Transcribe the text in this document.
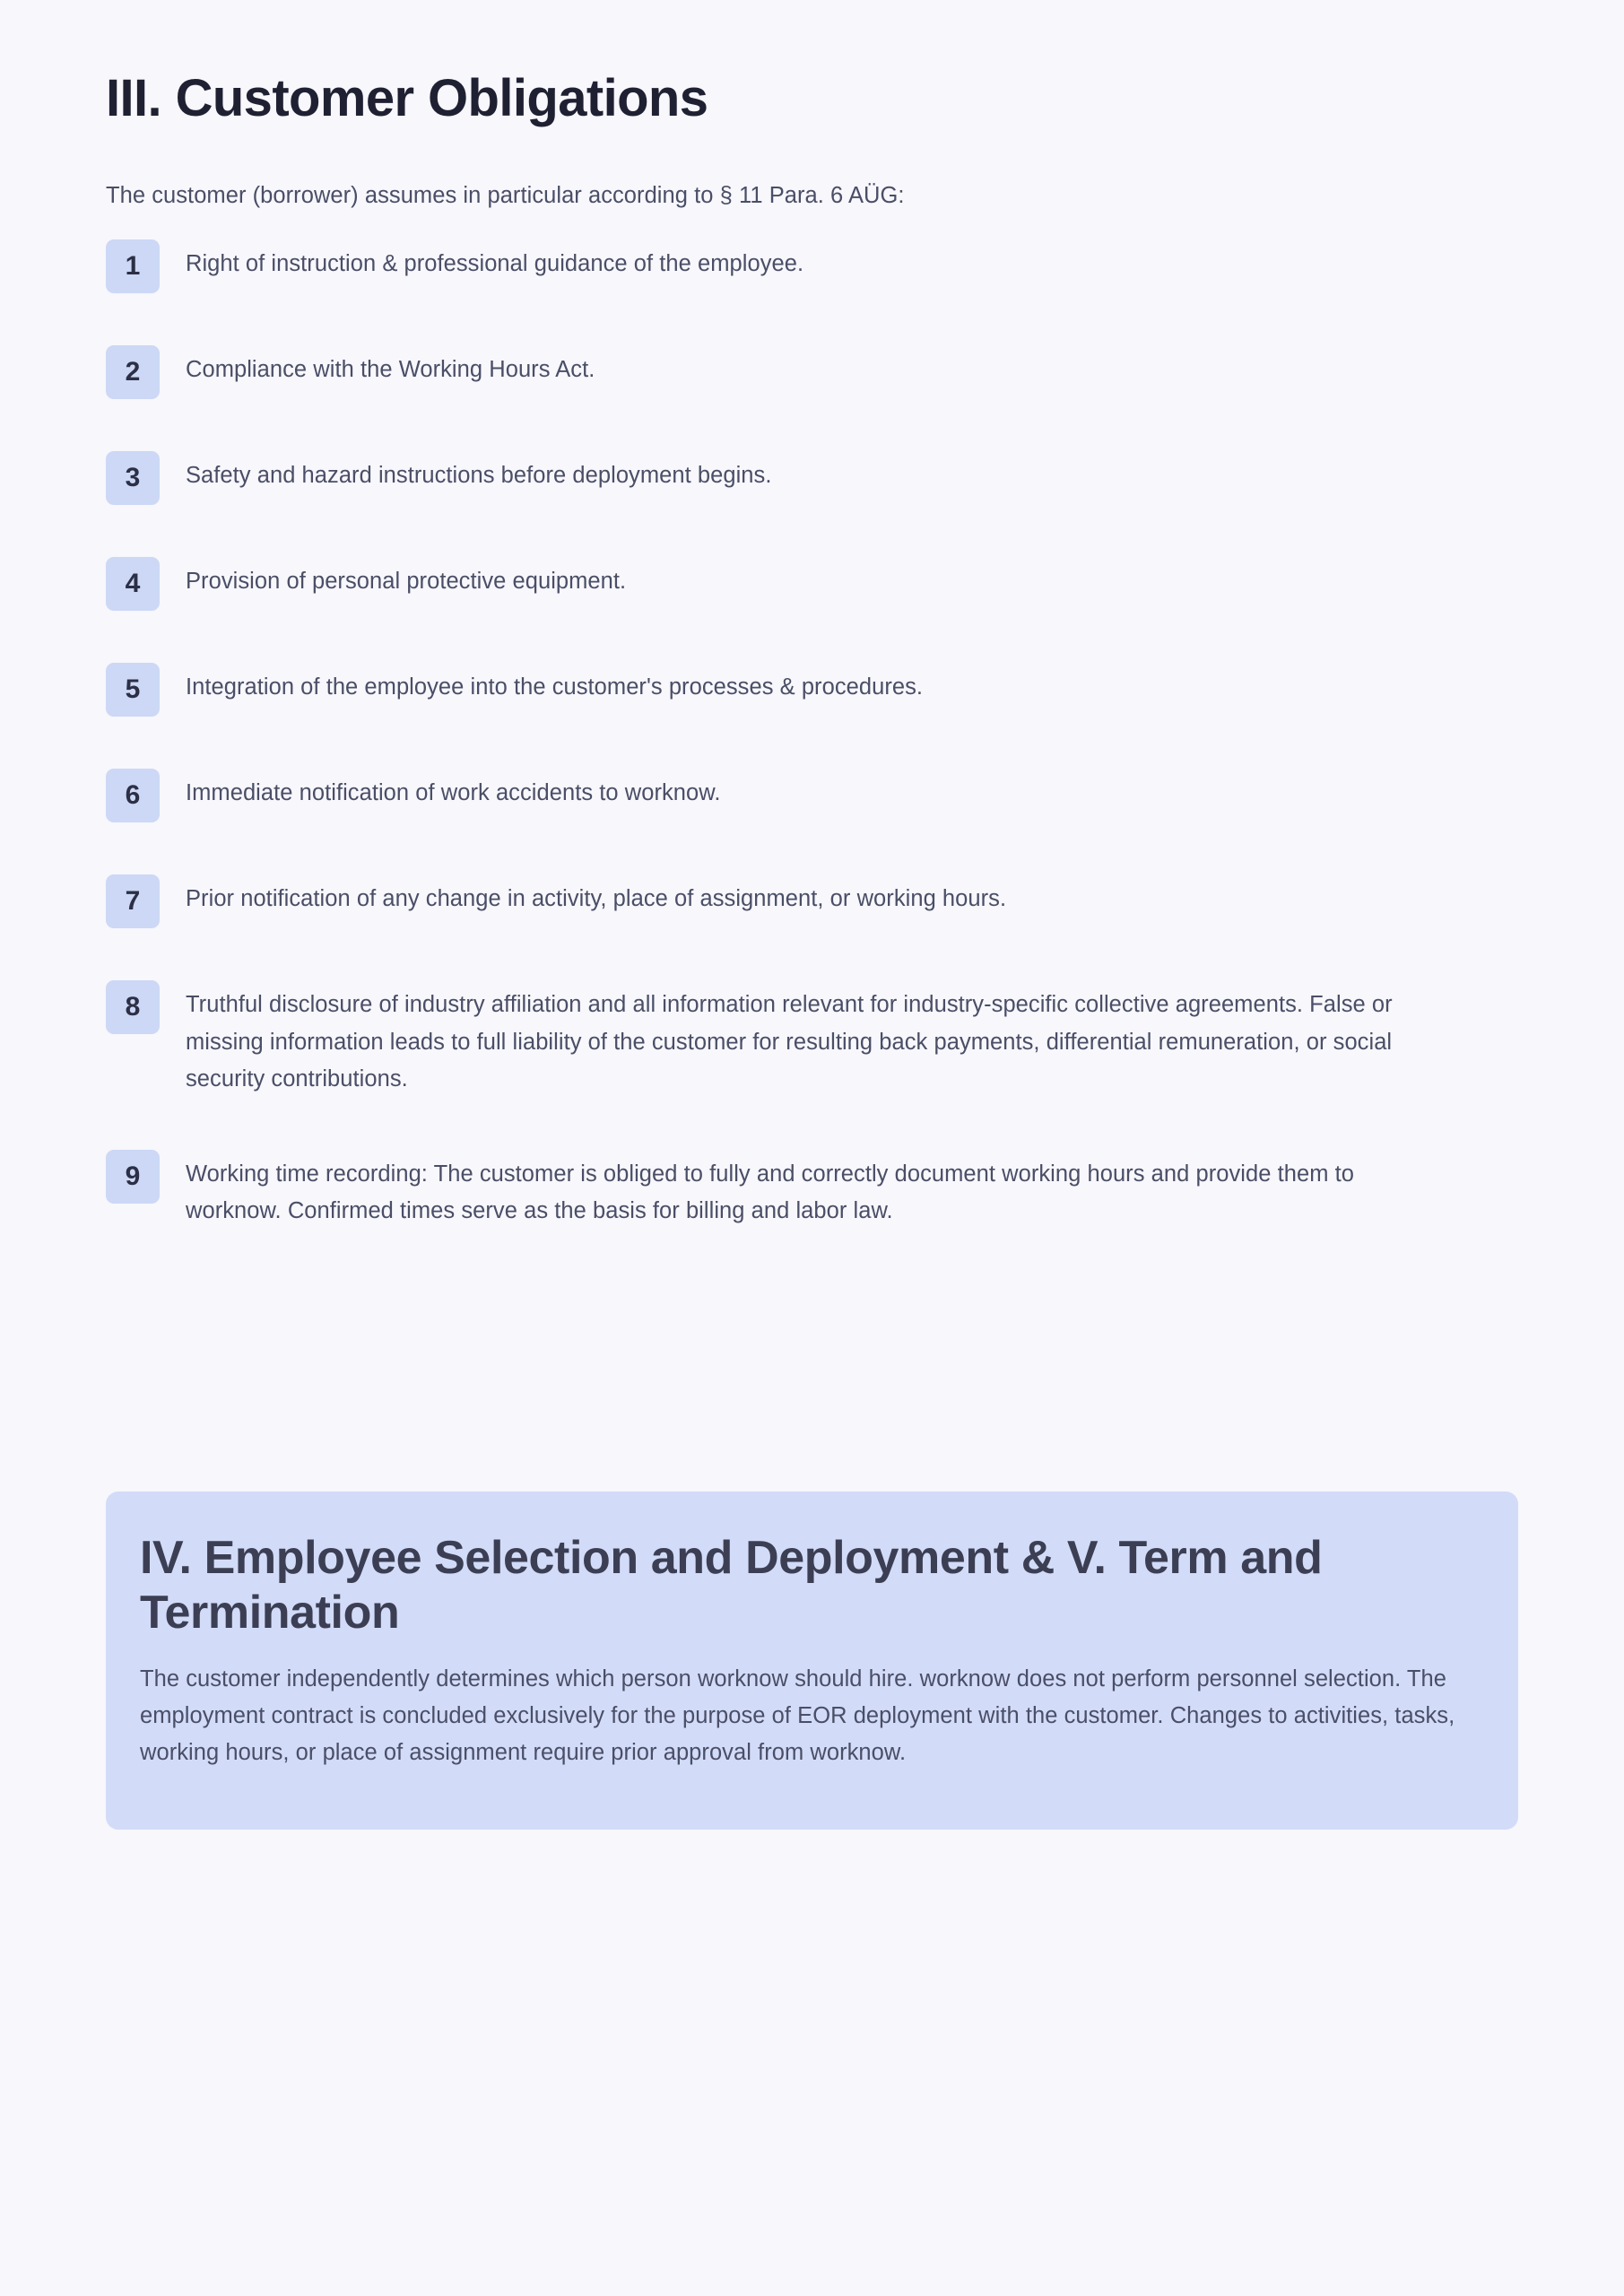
III. Customer Obligations

The customer (borrower) assumes in particular according to § 11 Para. 6 AÜG:

1	Right of instruction & professional guidance of the employee.
2	Compliance with the Working Hours Act.
3	Safety and hazard instructions before deployment begins.
4	Provision of personal protective equipment.
5	Integration of the employee into the customer's processes & procedures.
6	Immediate notification of work accidents to worknow.
7	Prior notification of any change in activity, place of assignment, or working hours.
8	Truthful disclosure of industry affiliation and all information relevant for industry-specific collective agreements. False or missing information leads to full liability of the customer for resulting back payments, differential remuneration, or social security contributions.
9	Working time recording: The customer is obliged to fully and correctly document working hours and provide them to worknow. Confirmed times serve as the basis for billing and labor law.
IV. Employee Selection and Deployment & V. Term and Termination

The customer independently determines which person worknow should hire. worknow does not perform personnel selection. The employment contract is concluded exclusively for the purpose of EOR deployment with the customer. Changes to activities, tasks, working hours, or place of assignment require prior approval from worknow.
